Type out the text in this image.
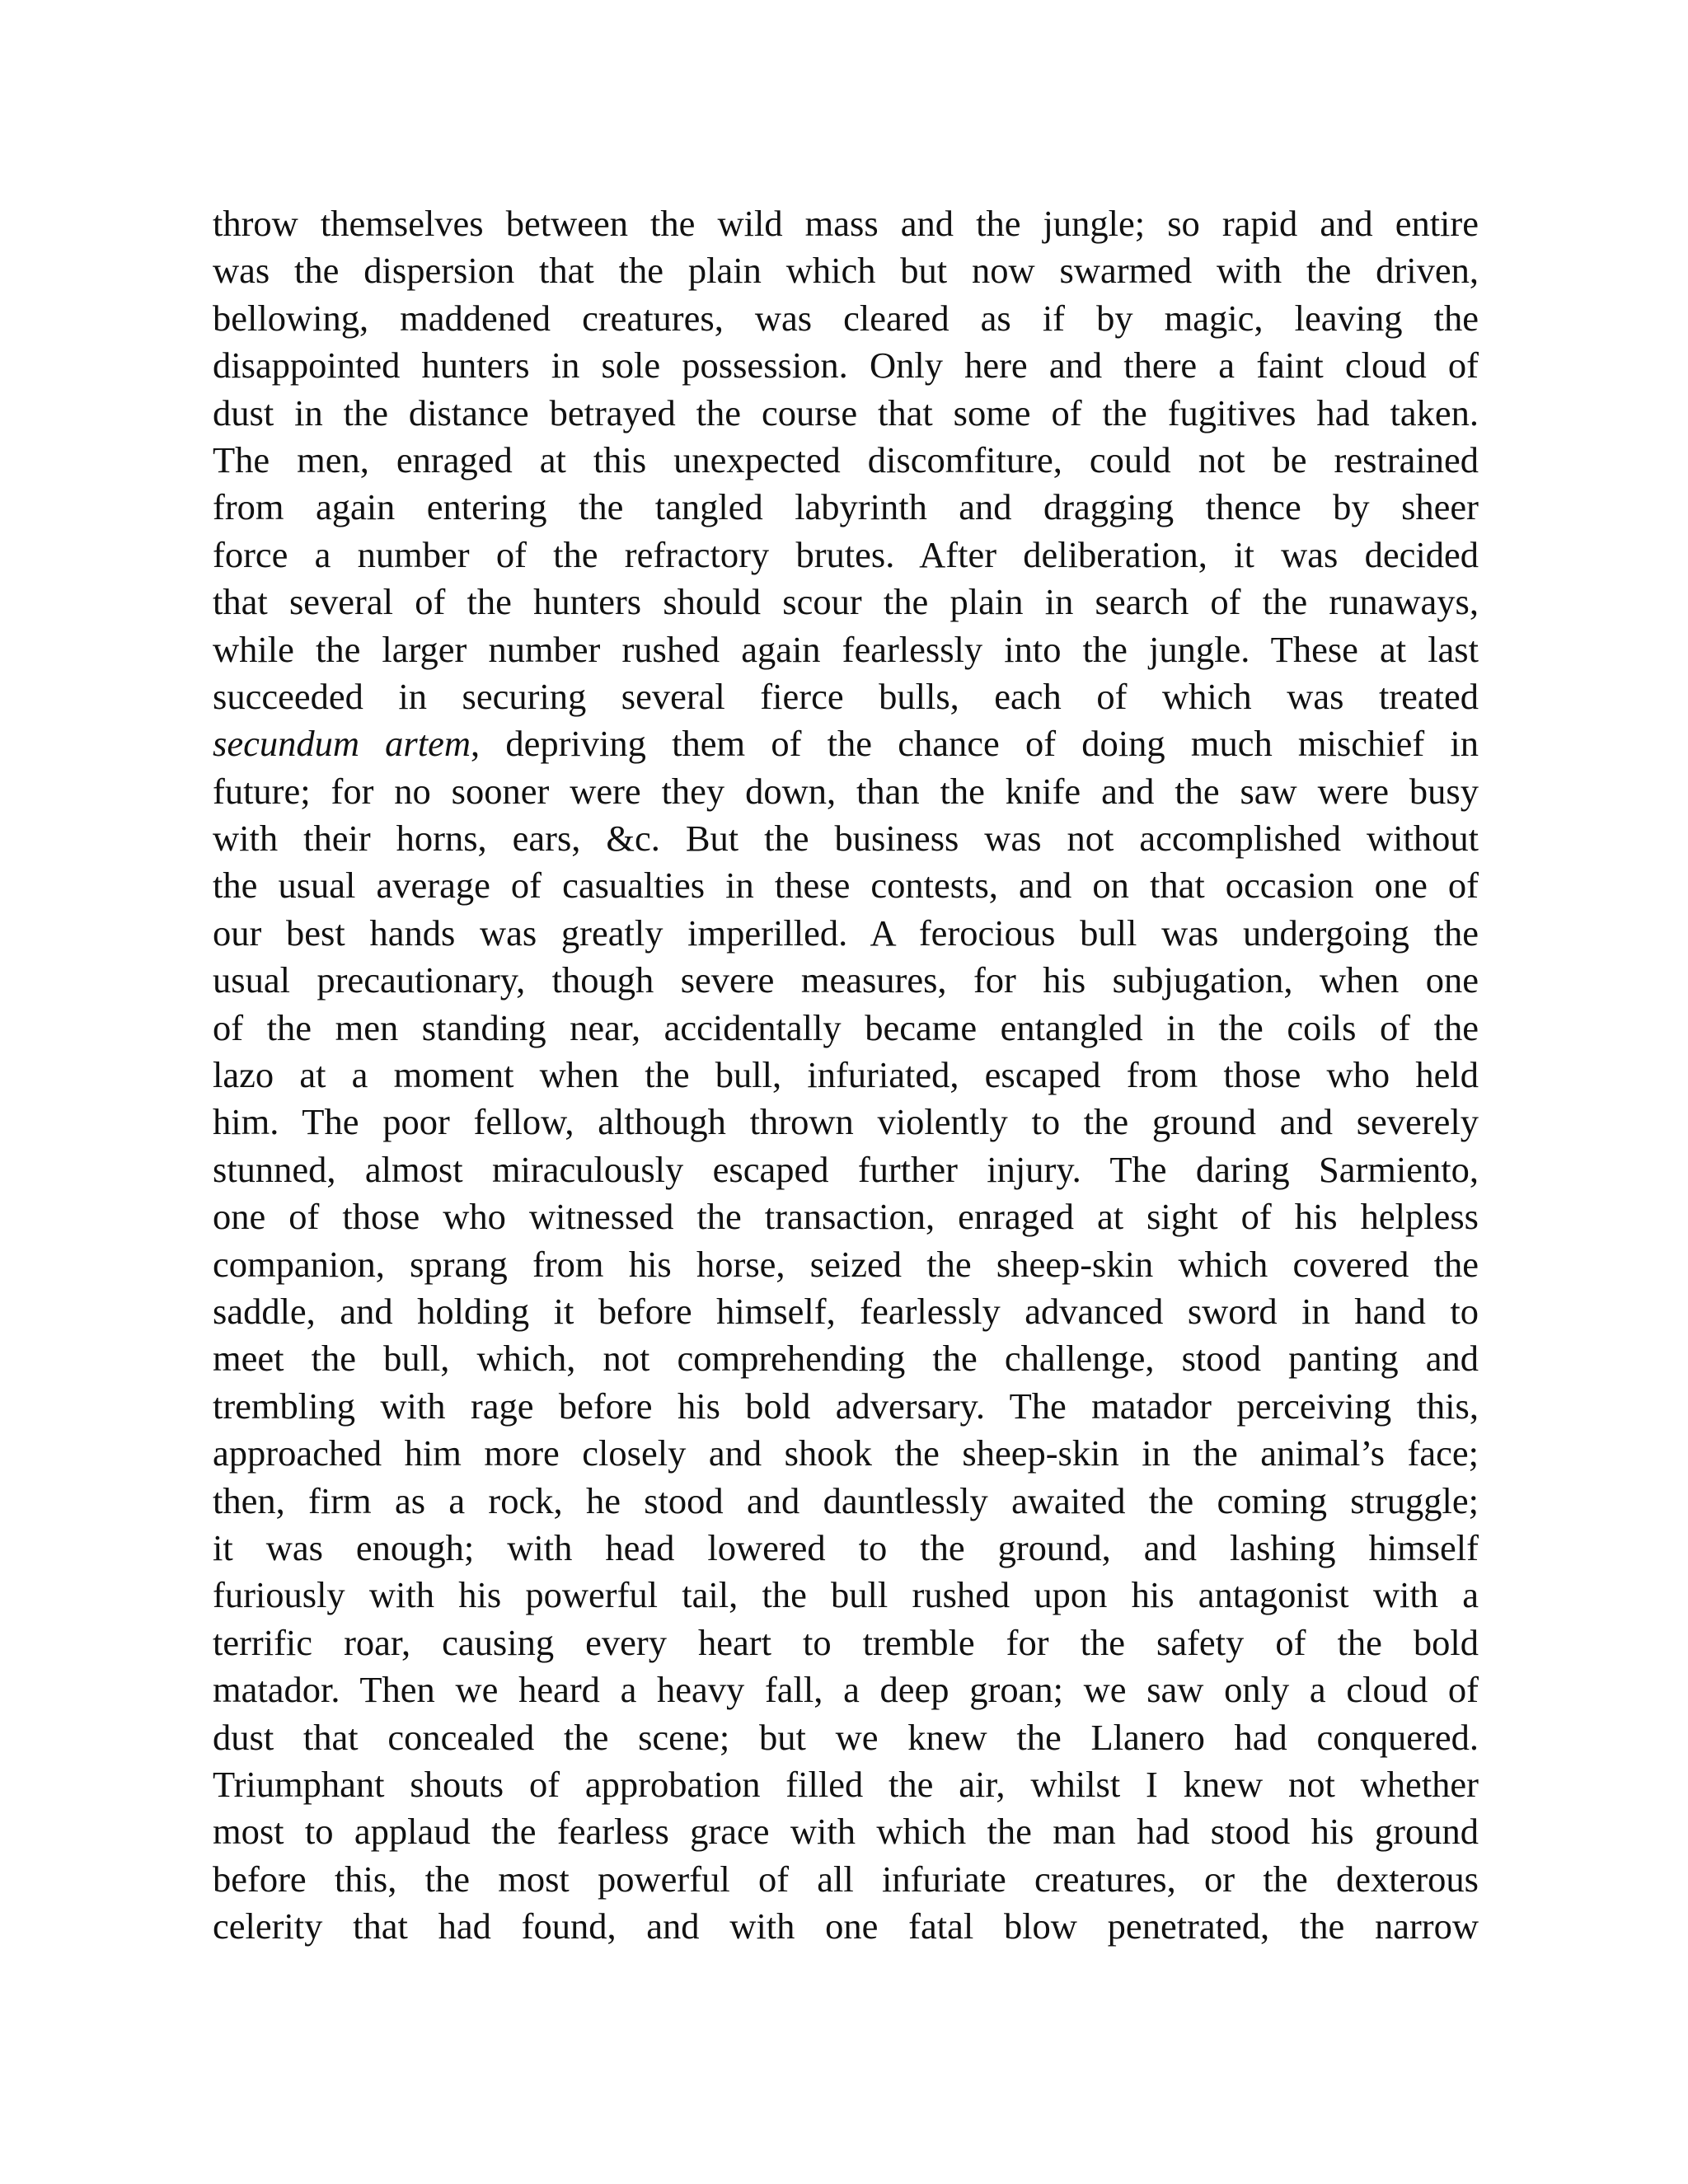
throw themselves between the wild mass and the jungle; so rapid and entire
was the dispersion that the plain which but now swarmed with the driven,
bellowing, maddened creatures, was cleared as if by magic, leaving the
disappointed hunters in sole possession. Only here and there a faint cloud of
dust in the distance betrayed the course that some of the fugitives had taken.
The men, enraged at this unexpected discomfiture, could not be restrained
from again entering the tangled labyrinth and dragging thence by sheer
force a number of the refractory brutes. After deliberation, it was decided
that several of the hunters should scour the plain in search of the runaways,
while the larger number rushed again fearlessly into the jungle. These at last
succeeded in securing several fierce bulls, each of which was treated
secundum artem, depriving them of the chance of doing much mischief in
future; for no sooner were they down, than the knife and the saw were busy
with their horns, ears, &c. But the business was not accomplished without
the usual average of casualties in these contests, and on that occasion one of
our best hands was greatly imperilled. A ferocious bull was undergoing the
usual precautionary, though severe measures, for his subjugation, when one
of the men standing near, accidentally became entangled in the coils of the
lazo at a moment when the bull, infuriated, escaped from those who held
him. The poor fellow, although thrown violently to the ground and severely
stunned, almost miraculously escaped further injury. The daring Sarmiento,
one of those who witnessed the transaction, enraged at sight of his helpless
companion, sprang from his horse, seized the sheep-skin which covered the
saddle, and holding it before himself, fearlessly advanced sword in hand to
meet the bull, which, not comprehending the challenge, stood panting and
trembling with rage before his bold adversary. The matador perceiving this,
approached him more closely and shook the sheep-skin in the animal’s face;
then, firm as a rock, he stood and dauntlessly awaited the coming struggle;
it was enough; with head lowered to the ground, and lashing himself
furiously with his powerful tail, the bull rushed upon his antagonist with a
terrific roar, causing every heart to tremble for the safety of the bold
matador. Then we heard a heavy fall, a deep groan; we saw only a cloud of
dust that concealed the scene; but we knew the Llanero had conquered.
Triumphant shouts of approbation filled the air, whilst I knew not whether
most to applaud the fearless grace with which the man had stood his ground
before this, the most powerful of all infuriate creatures, or the dexterous
celerity that had found, and with one fatal blow penetrated, the narrow
